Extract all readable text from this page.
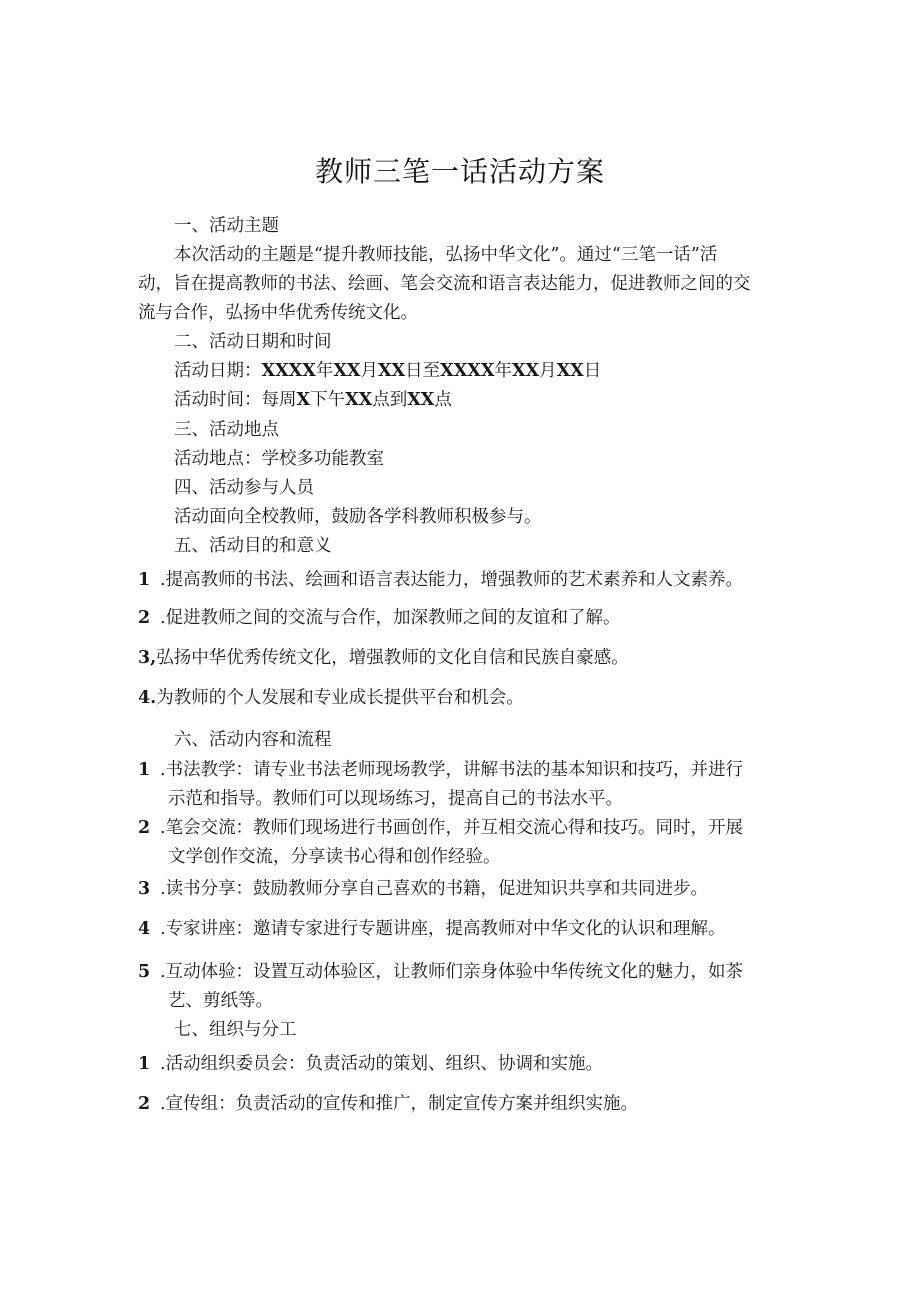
教师三笔一话活动方案
一、活动主题
本次活动的主题是“提升教师技能，弘扬中华文化”。通过“三笔一话”活
动，旨在提高教师的书法、绘画、笔会交流和语言表达能力，促进教师之间的交
流与合作，弘扬中华优秀传统文化。
二、活动日期和时间
活动日期：XXXX年XX月XX日至XXXX年XX月XX日
活动时间：每周X下午XX点到XX点
三、活动地点
活动地点：学校多功能教室
四、活动参与人员
活动面向全校教师，鼓励各学科教师积极参与。
五、活动目的和意义
1 .提高教师的书法、绘画和语言表达能力，增强教师的艺术素养和人文素养。
2 .促进教师之间的交流与合作，加深教师之间的友谊和了解。
3,弘扬中华优秀传统文化，增强教师的文化自信和民族自豪感。
4.为教师的个人发展和专业成长提供平台和机会。
六、活动内容和流程
1 .书法教学：请专业书法老师现场教学，讲解书法的基本知识和技巧，并进行
示范和指导。教师们可以现场练习，提高自己的书法水平。
2 .笔会交流：教师们现场进行书画创作，并互相交流心得和技巧。同时，开展
文学创作交流，分享读书心得和创作经验。
3 .读书分享：鼓励教师分享自己喜欢的书籍，促进知识共享和共同进步。
4 .专家讲座：邀请专家进行专题讲座，提高教师对中华文化的认识和理解。
5 .互动体验：设置互动体验区，让教师们亲身体验中华传统文化的魅力，如茶
艺、剪纸等。
七、组织与分工
1 .活动组织委员会：负责活动的策划、组织、协调和实施。
2 .宣传组：负责活动的宣传和推广，制定宣传方案并组织实施。
